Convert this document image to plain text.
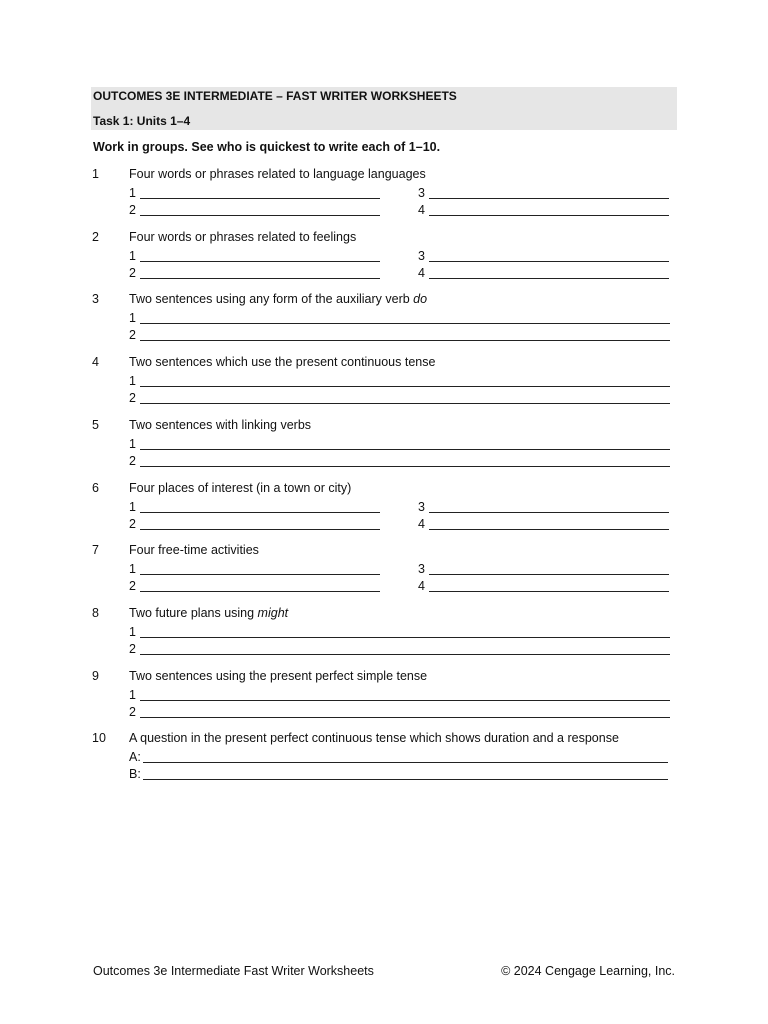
OUTCOMES 3E INTERMEDIATE – FAST WRITER WORKSHEETS
Task 1: Units 1–4
Work in groups. See who is quickest to write each of 1–10.
1 Four words or phrases related to language languages
1
2
3
4
2 Four words or phrases related to feelings
1
2
3
4
3 Two sentences using any form of the auxiliary verb do
1
2
4 Two sentences which use the present continuous tense
1
2
5 Two sentences with linking verbs
1
2
6 Four places of interest (in a town or city)
1
2
3
4
7 Four free-time activities
1
2
3
4
8 Two future plans using might
1
2
9 Two sentences using the present perfect simple tense
1
2
10 A question in the present perfect continuous tense which shows duration and a response
A:
B:
Outcomes 3e Intermediate Fast Writer Worksheets	© 2024 Cengage Learning, Inc.
